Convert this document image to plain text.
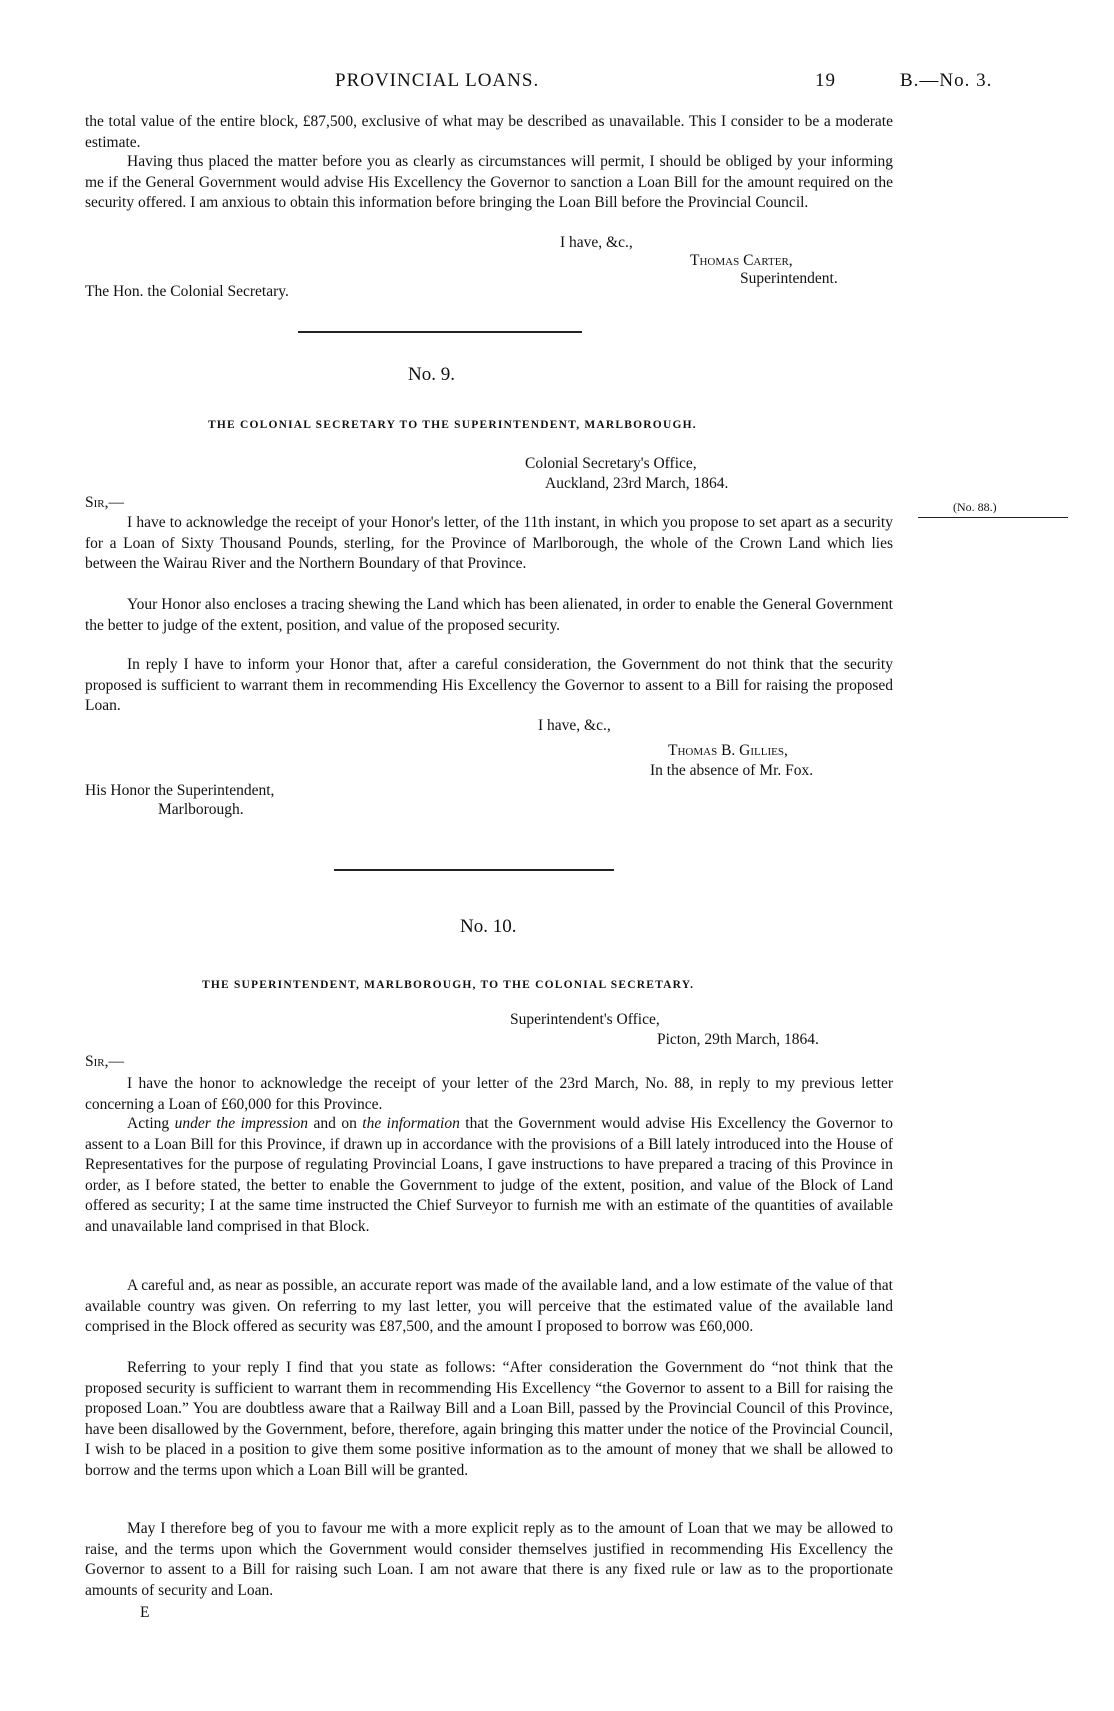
PROVINCIAL LOANS.	19	B.—No. 3.

the total value of the entire block, £87,500, exclusive of what may be described as unavailable. This I consider to be a moderate estimate.

Having thus placed the matter before you as clearly as circumstances will permit, I should be obliged by your informing me if the General Government would advise His Excellency the Governor to sanction a Loan Bill for the amount required on the security offered. I am anxious to obtain this information before bringing the Loan Bill before the Provincial Council.

I have, &c.,
Thomas Carter,
Superintendent.
The Hon. the Colonial Secretary.
No. 9.
THE COLONIAL SECRETARY TO THE SUPERINTENDENT, MARLBOROUGH.
Colonial Secretary's Office,
Auckland, 23rd March, 1864.
Sir,—	(No. 88.)

I have to acknowledge the receipt of your Honor's letter, of the 11th instant, in which you propose to set apart as a security for a Loan of Sixty Thousand Pounds, sterling, for the Province of Marlborough, the whole of the Crown Land which lies between the Wairau River and the Northern Boundary of that Province.

Your Honor also encloses a tracing shewing the Land which has been alienated, in order to enable the General Government the better to judge of the extent, position, and value of the proposed security.

In reply I have to inform your Honor that, after a careful consideration, the Government do not think that the security proposed is sufficient to warrant them in recommending His Excellency the Governor to assent to a Bill for raising the proposed Loan.

I have, &c.,
Thomas B. Gillies,
In the absence of Mr. Fox.
His Honor the Superintendent,
Marlborough.
No. 10.
THE SUPERINTENDENT, MARLBOROUGH, TO THE COLONIAL SECRETARY.
Superintendent's Office,
Picton, 29th March, 1864.
Sir,—

I have the honor to acknowledge the receipt of your letter of the 23rd March, No. 88, in reply to my previous letter concerning a Loan of £60,000 for this Province.

Acting under the impression and on the information that the Government would advise His Excellency the Governor to assent to a Loan Bill for this Province, if drawn up in accordance with the provisions of a Bill lately introduced into the House of Representatives for the purpose of regulating Provincial Loans, I gave instructions to have prepared a tracing of this Province in order, as I before stated, the better to enable the Government to judge of the extent, position, and value of the Block of Land offered as security; I at the same time instructed the Chief Surveyor to furnish me with an estimate of the quantities of available and unavailable land comprised in that Block.

A careful and, as near as possible, an accurate report was made of the available land, and a low estimate of the value of that available country was given. On referring to my last letter, you will perceive that the estimated value of the available land comprised in the Block offered as security was £87,500, and the amount I proposed to borrow was £60,000.

Referring to your reply I find that you state as follows: “After consideration the Government do “not think that the proposed security is sufficient to warrant them in recommending His Excellency “the Governor to assent to a Bill for raising the proposed Loan.” You are doubtless aware that a Railway Bill and a Loan Bill, passed by the Provincial Council of this Province, have been disallowed by the Government, before, therefore, again bringing this matter under the notice of the Provincial Council, I wish to be placed in a position to give them some positive information as to the amount of money that we shall be allowed to borrow and the terms upon which a Loan Bill will be granted.

May I therefore beg of you to favour me with a more explicit reply as to the amount of Loan that we may be allowed to raise, and the terms upon which the Government would consider themselves justified in recommending His Excellency the Governor to assent to a Bill for raising such Loan. I am not aware that there is any fixed rule or law as to the proportionate amounts of security and Loan.

E
